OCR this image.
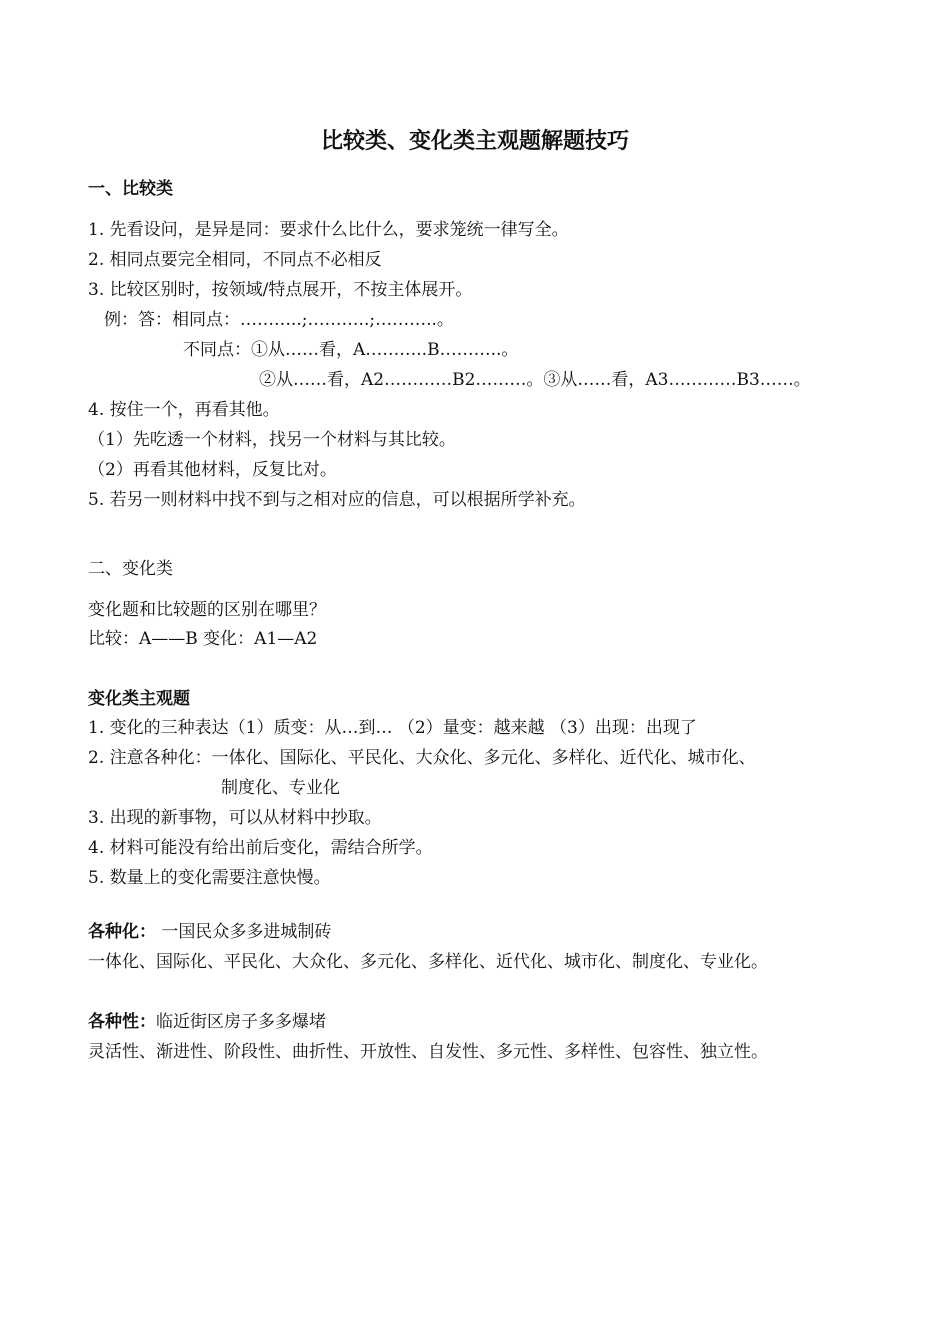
比较类、变化类主观题解题技巧
一、比较类
1. 先看设问，是异是同：要求什么比什么，要求笼统一律写全。
2. 相同点要完全相同，不同点不必相反
3. 比较区别时，按领域/特点展开，不按主体展开。
例：答：相同点：………..;………..;………..。
不同点：①从……看，A………..B………..。
②从……看，A2…………B2………。③从……看，A3…………B3……。
4. 按住一个，再看其他。
（1）先吃透一个材料，找另一个材料与其比较。
（2）再看其他材料，反复比对。
5. 若另一则材料中找不到与之相对应的信息，可以根据所学补充。
二、变化类
变化题和比较题的区别在哪里？
比较：A——B 变化：A1—A2
变化类主观题
1. 变化的三种表达（1）质变：从…到… （2）量变：越来越 （3）出现：出现了
2. 注意各种化：一体化、国际化、平民化、大众化、多元化、多样化、近代化、城市化、
制度化、专业化
3. 出现的新事物，可以从材料中抄取。
4. 材料可能没有给出前后变化，需结合所学。
5. 数量上的变化需要注意快慢。
各种化： 一国民众多多进城制砖
一体化、国际化、平民化、大众化、多元化、多样化、近代化、城市化、制度化、专业化。
各种性：临近街区房子多多爆堵
灵活性、渐进性、阶段性、曲折性、开放性、自发性、多元性、多样性、包容性、独立性。
